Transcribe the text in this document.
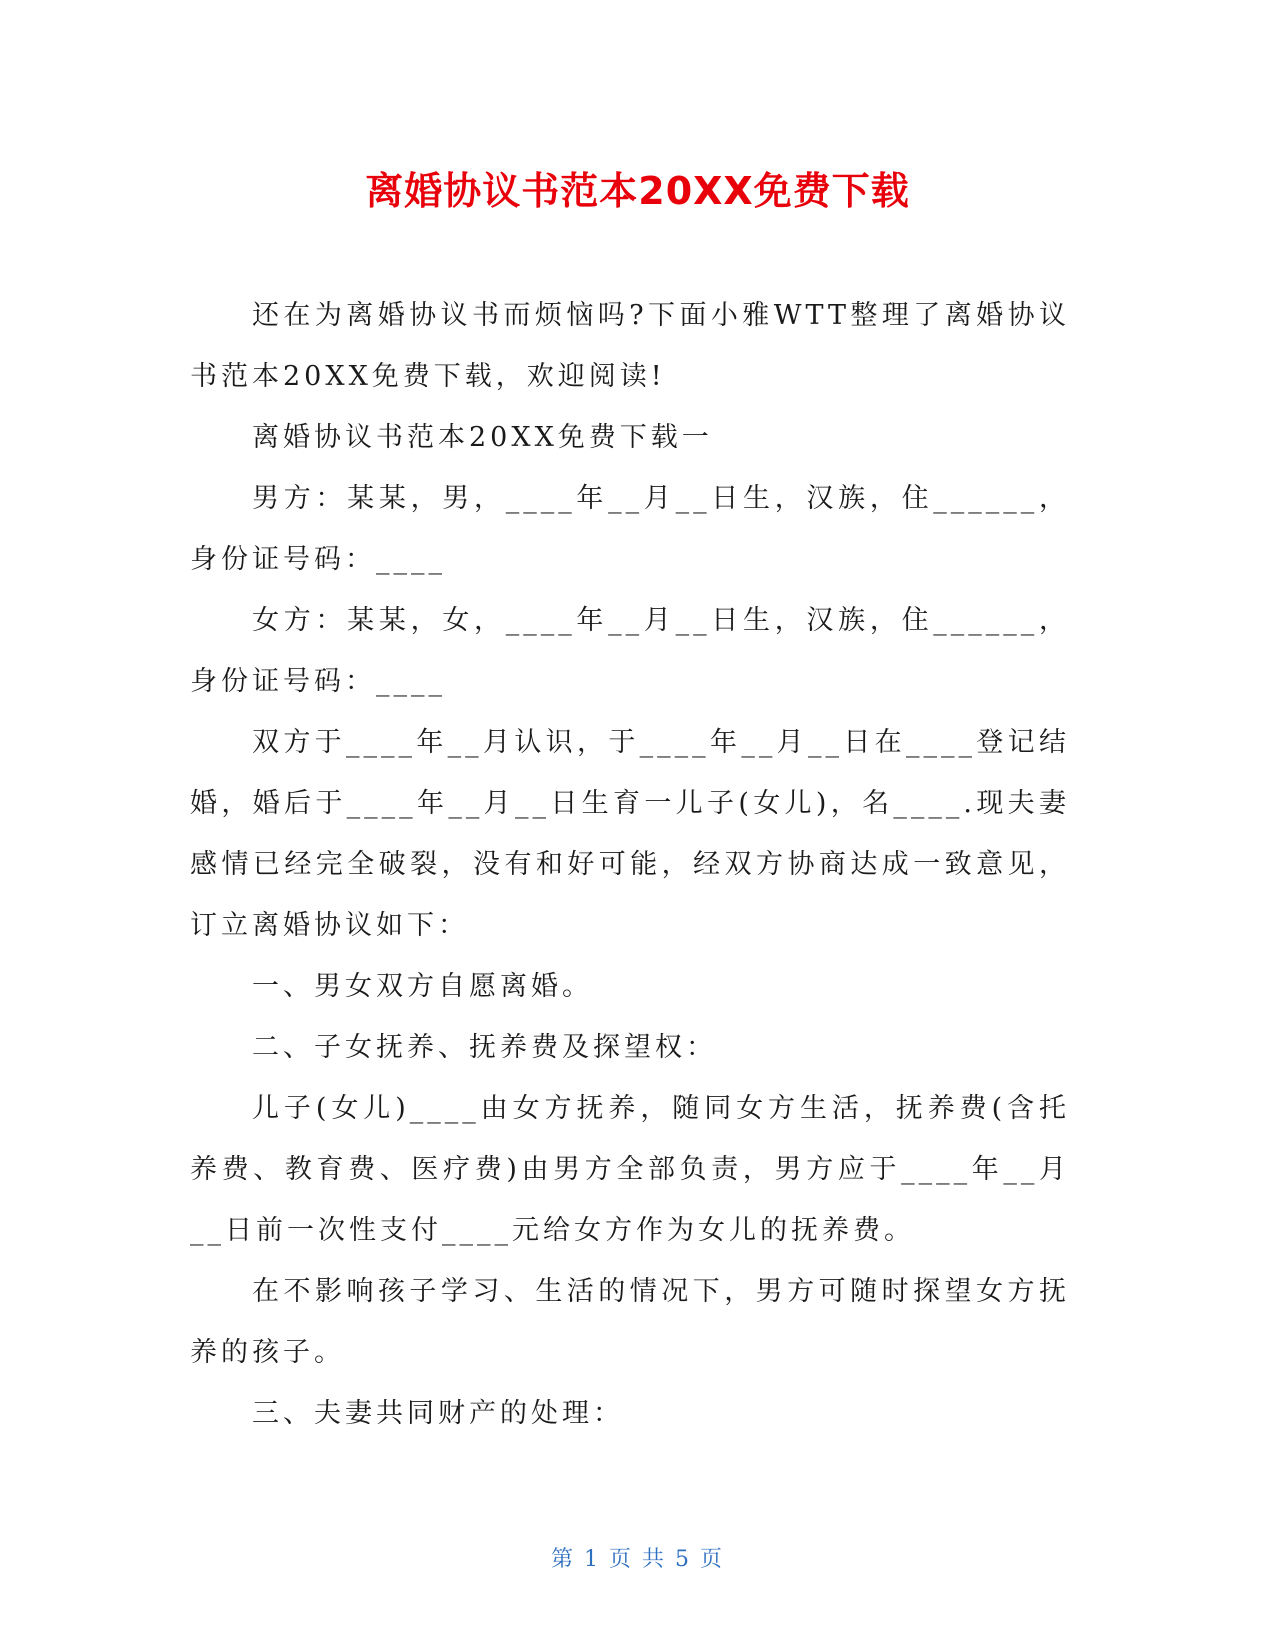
离婚协议书范本20XX免费下载

还在为离婚协议书而烦恼吗?下面小雅WTT整理了离婚协议书范本20XX免费下载，欢迎阅读!

离婚协议书范本20XX免费下载一

男方：某某，男，____年__月__日生，汉族，住______，身份证号码：____

女方：某某，女，____年__月__日生，汉族，住______，身份证号码：____

双方于____年__月认识，于____年__月__日在____登记结婚，婚后于____年__月__日生育一儿子(女儿)，名____.现夫妻感情已经完全破裂，没有和好可能，经双方协商达成一致意见，订立离婚协议如下：

一、男女双方自愿离婚。

二、子女抚养、抚养费及探望权：

儿子(女儿)____由女方抚养，随同女方生活，抚养费(含托养费、教育费、医疗费)由男方全部负责，男方应于____年__月__日前一次性支付____元给女方作为女儿的抚养费。

在不影响孩子学习、生活的情况下，男方可随时探望女方抚养的孩子。

三、夫妻共同财产的处理：

第 1 页 共 5 页
